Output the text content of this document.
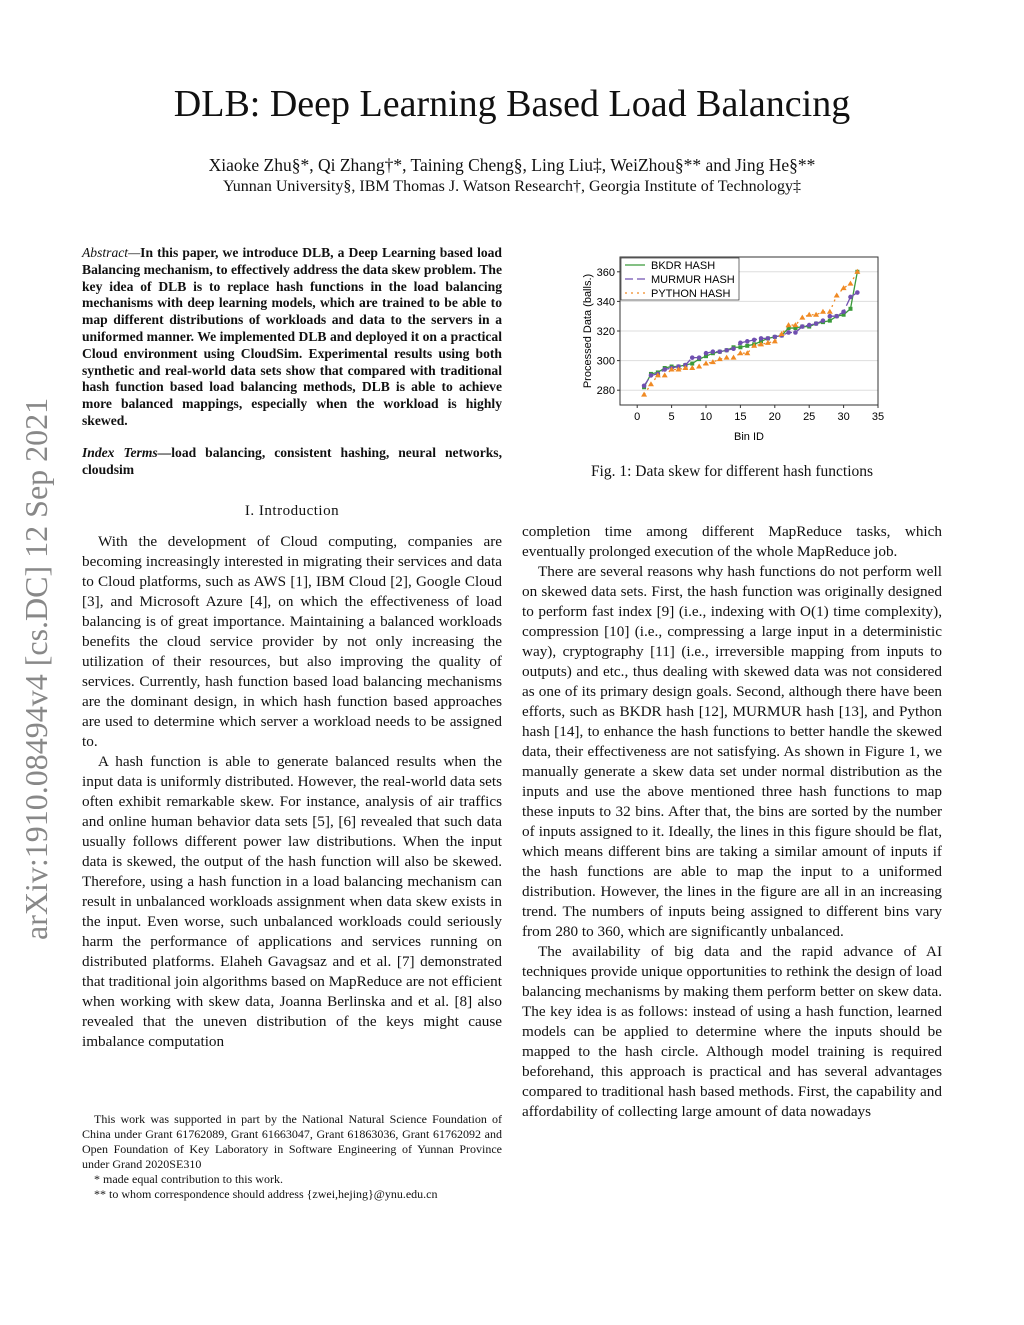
DLB: Deep Learning Based Load Balancing
Xiaoke Zhu§*, Qi Zhang†*, Taining Cheng§, Ling Liu‡, WeiZhou§** and Jing He§**
Yunnan University§, IBM Thomas J. Watson Research†, Georgia Institute of Technology‡
arXiv:1910.08494v4 [cs.DC] 12 Sep 2021
Abstract—In this paper, we introduce DLB, a Deep Learning based load Balancing mechanism, to effectively address the data skew problem. The key idea of DLB is to replace hash functions in the load balancing mechanisms with deep learning models, which are trained to be able to map different distributions of workloads and data to the servers in a uniformed manner. We implemented DLB and deployed it on a practical Cloud environment using CloudSim. Experimental results using both synthetic and real-world data sets show that compared with traditional hash function based load balancing methods, DLB is able to achieve more balanced mappings, especially when the workload is highly skewed.
Index Terms—load balancing, consistent hashing, neural networks, cloudsim
I. Introduction

With the development of Cloud computing, companies are becoming increasingly interested in migrating their services and data to Cloud platforms, such as AWS [1], IBM Cloud [2], Google Cloud [3], and Microsoft Azure [4], on which the effectiveness of load balancing is of great importance. Maintaining a balanced workloads benefits the cloud service provider by not only increasing the utilization of their resources, but also improving the quality of services. Currently, hash function based load balancing mechanisms are the dominant design, in which hash function based approaches are used to determine which server a workload needs to be assigned to.

A hash function is able to generate balanced results when the input data is uniformly distributed. However, the real-world data sets often exhibit remarkable skew. For instance, analysis of air traffics and online human behavior data sets [5], [6] revealed that such data usually follows different power law distributions. When the input data is skewed, the output of the hash function will also be skewed. Therefore, using a hash function in a load balancing mechanism can result in unbalanced workloads assignment when data skew exists in the input. Even worse, such unbalanced workloads could seriously harm the performance of applications and services running on distributed platforms. Elaheh Gavagsaz and et al. [7] demonstrated that traditional join algorithms based on MapReduce are not efficient when working with skew data, Joanna Berlinska and et al. [8] also revealed that the uneven distribution of the keys might cause imbalance computation

This work was supported in part by the National Natural Science Foundation of China under Grant 61762089, Grant 61663047, Grant 61863036, Grant 61762092 and Open Foundation of Key Laboratory in Software Engineering of Yunnan Province under Grand 2020SE310

* made equal contribution to this work.

** to whom correspondence should address {zwei,hejing}@ynu.edu.cn

280
300
320
340
360
0	5 10 15 20 25 30 35
Bin ID
Processed Data (balls.)
BKDR HASH
MURMUR HASH
PYTHON HASH
Fig. 1: Data skew for different hash functions

completion time among different MapReduce tasks, which eventually prolonged execution of the whole MapReduce job.

There are several reasons why hash functions do not perform well on skewed data sets. First, the hash function was originally designed to perform fast index [9] (i.e., indexing with O(1) time complexity), compression [10] (i.e., compressing a large input in a deterministic way), cryptography [11] (i.e., irreversible mapping from inputs to outputs) and etc., thus dealing with skewed data was not considered as one of its primary design goals. Second, although there have been efforts, such as BKDR hash [12], MURMUR hash [13], and Python hash [14], to enhance the hash functions to better handle the skewed data, their effectiveness are not satisfying. As shown in Figure 1, we manually generate a skew data set under normal distribution as the inputs and use the above mentioned three hash functions to map these inputs to 32 bins. After that, the bins are sorted by the number of inputs assigned to it. Ideally, the lines in this figure should be flat, which means different bins are taking a similar amount of inputs if the hash functions are able to map the input to a uniformed distribution. However, the lines in the figure are all in an increasing trend. The numbers of inputs being assigned to different bins vary from 280 to 360, which are significantly unbalanced.

The availability of big data and the rapid advance of AI techniques provide unique opportunities to rethink the design of load balancing mechanisms by making them perform better on skew data. The key idea is as follows: instead of using a hash function, learned models can be applied to determine where the inputs should be mapped to the hash circle. Although model training is required beforehand, this approach is practical and has several advantages compared to traditional hash based methods. First, the capability and affordability of collecting large amount of data nowadays
